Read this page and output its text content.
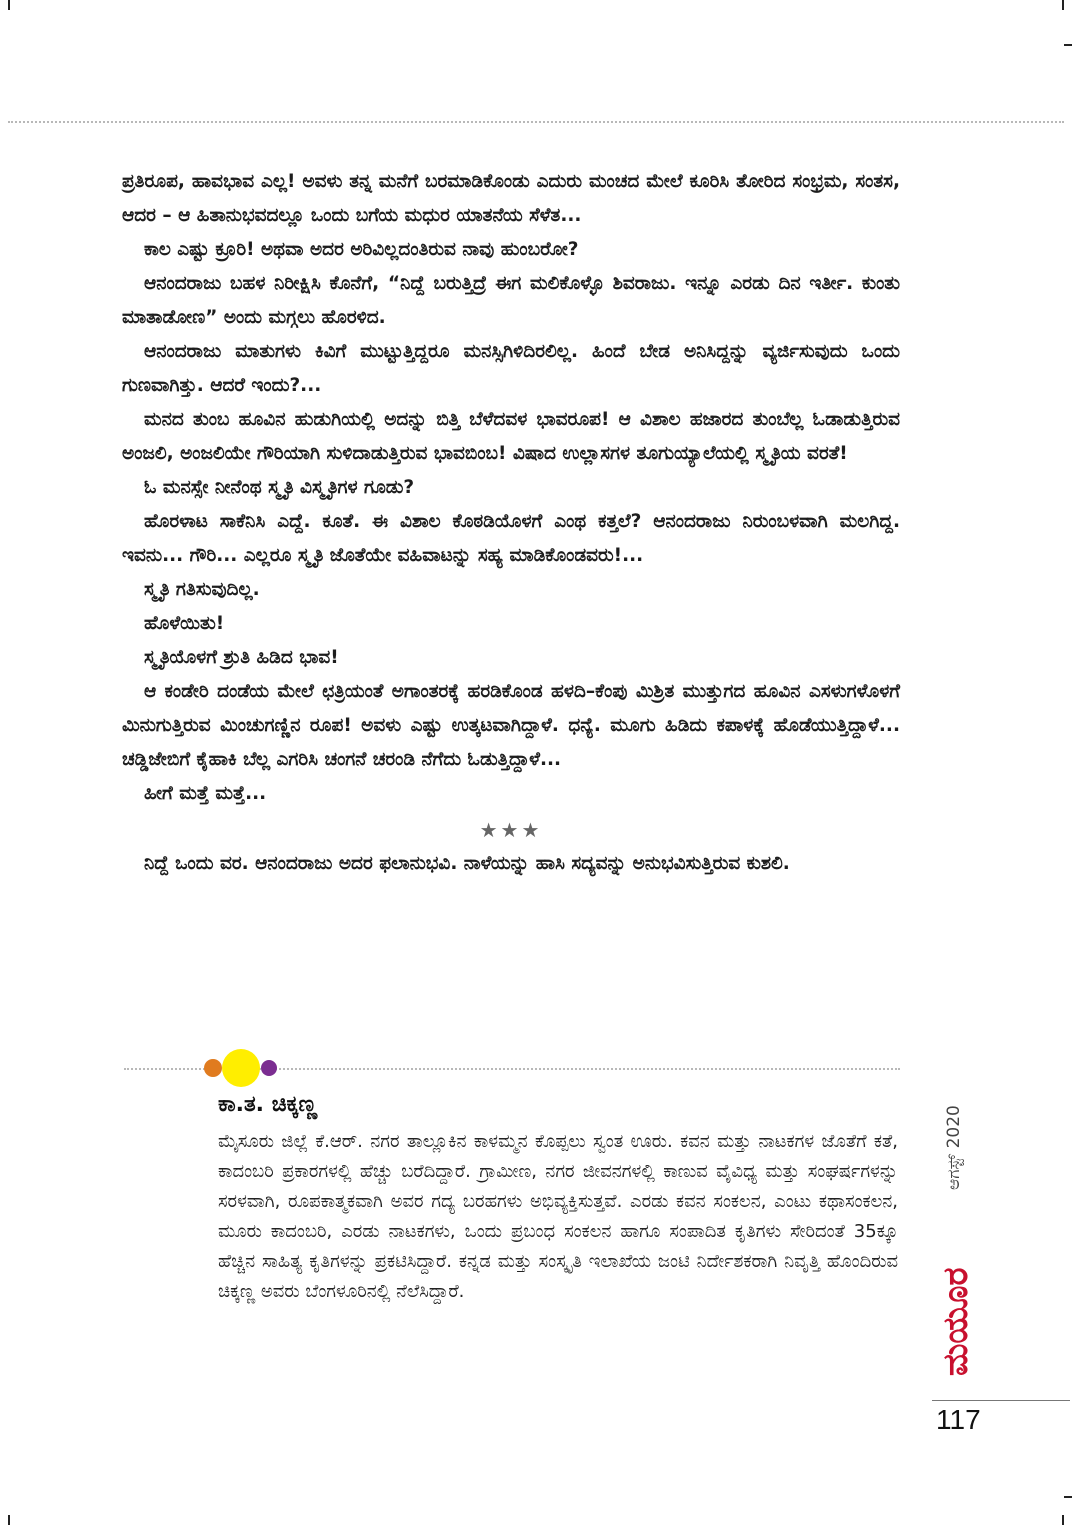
ಪ್ರತಿರೂಪ, ಹಾವಭಾವ ಎಲ್ಲ! ಅವಳು ತನ್ನ ಮನೆಗೆ ಬರಮಾಡಿಕೊಂಡು ಎದುರು ಮಂಚದ ಮೇಲೆ ಕೂರಿಸಿ ತೋರಿದ ಸಂಭ್ರಮ, ಸಂತಸ, ಆದರ – ಆ ಹಿತಾನುಭವದಲ್ಲೂ ಒಂದು ಬಗೆಯ ಮಧುರ ಯಾತನೆಯ ಸೆಳೆತ...

ಕಾಲ ಎಷ್ಟು ಕ್ರೂರಿ! ಅಥವಾ ಅದರ ಅರಿವಿಲ್ಲದಂತಿರುವ ನಾವು ಹುಂಬರೋ?

ಆನಂದರಾಜು ಬಹಳ ನಿರೀಕ್ಷಿಸಿ ಕೊನೆಗೆ, “ನಿದ್ದೆ ಬರುತ್ತಿದ್ರೆ ಈಗ ಮಲಿಕೊಳ್ಳೊ ಶಿವರಾಜು. ಇನ್ನೂ ಎರಡು ದಿನ ಇರ್ತೀ. ಕುಂತು ಮಾತಾಡೋಣ” ಅಂದು ಮಗ್ಗಲು ಹೊರಳಿದ.

ಆನಂದರಾಜು ಮಾತುಗಳು ಕಿವಿಗೆ ಮುಟ್ಟುತ್ತಿದ್ದರೂ ಮನಸ್ಸಿಗಿಳಿದಿರಲಿಲ್ಲ. ಹಿಂದೆ ಬೇಡ ಅನಿಸಿದ್ದನ್ನು ವ್ಯರ್ಜಿಸುವುದು ಒಂದು ಗುಣವಾಗಿತ್ತು. ಆದರೆ ಇಂದು?...

ಮನದ ತುಂಬ ಹೂವಿನ ಹುಡುಗಿಯಲ್ಲಿ ಅದನ್ನು ಬಿತ್ತಿ ಬೆಳೆದವಳ ಭಾವರೂಪ! ಆ ವಿಶಾಲ ಹಜಾರದ ತುಂಬೆಲ್ಲ ಓಡಾಡುತ್ತಿರುವ ಅಂಜಲಿ, ಅಂಜಲಿಯೇ ಗೌರಿಯಾಗಿ ಸುಳಿದಾಡುತ್ತಿರುವ ಭಾವಬಿಂಬ! ವಿಷಾದ ಉಲ್ಲಾಸಗಳ ತೂಗುಯ್ಯಾಲೆಯಲ್ಲಿ ಸ್ಮೃತಿಯ ವರತೆ!

ಓ ಮನಸ್ಸೇ ನೀನೆಂಥ ಸ್ಮೃತಿ ವಿಸ್ಮೃತಿಗಳ ಗೂಡು?

ಹೊರಳಾಟ ಸಾಕೆನಿಸಿ ಎದ್ದೆ. ಕೂತೆ. ಈ ವಿಶಾಲ ಕೊಠಡಿಯೊಳಗೆ ಎಂಥ ಕತ್ತಲೆ? ಆನಂದರಾಜು ನಿರುಂಬಳವಾಗಿ ಮಲಗಿದ್ದ. ಇವನು... ಗೌರಿ... ಎಲ್ಲರೂ ಸ್ಮೃತಿ ಜೊತೆಯೇ ವಹಿವಾಟನ್ನು ಸಹ್ಯ ಮಾಡಿಕೊಂಡವರು!...

ಸ್ಮೃತಿ ಗತಿಸುವುದಿಲ್ಲ.

ಹೊಳೆಯಿತು!

ಸ್ಮೃತಿಯೊಳಗೆ ಶ್ರುತಿ ಹಿಡಿದ ಭಾವ!

ಆ ಕಂಡೇರಿ ದಂಡೆಯ ಮೇಲೆ ಛತ್ರಿಯಂತೆ ಅಗಾಂತರಕ್ಕೆ ಹರಡಿಕೊಂಡ ಹಳದಿ–ಕೆಂಪು ಮಿಶ್ರಿತ ಮುತ್ತುಗದ ಹೂವಿನ ಎಸಳುಗಳೊಳಗೆ ಮಿನುಗುತ್ತಿರುವ ಮಿಂಚುಗಣ್ಣಿನ ರೂಪ! ಅವಳು ಎಷ್ಟು ಉತ್ಕಟವಾಗಿದ್ದಾಳೆ. ಧನ್ಯೆ. ಮೂಗು ಹಿಡಿದು ಕಪಾಳಕ್ಕೆ ಹೊಡೆಯುತ್ತಿದ್ದಾಳೆ... ಚಡ್ಡಿಜೇಬಿಗೆ ಕೈಹಾಕಿ ಬೆಲ್ಲ ಎಗರಿಸಿ ಚಂಗನೆ ಚರಂಡಿ ನೆಗೆದು ಓಡುತ್ತಿದ್ದಾಳೆ...

ಹೀಗೆ ಮತ್ತೆ ಮತ್ತೆ...

★★★

ನಿದ್ದೆ ಒಂದು ವರ. ಆನಂದರಾಜು ಅದರ ಫಲಾನುಭವಿ. ನಾಳೆಯನ್ನು ಹಾಸಿ ಸದ್ಯವನ್ನು ಅನುಭವಿಸುತ್ತಿರುವ ಕುಶಲಿ.

ಕಾ.ತ. ಚಿಕ್ಕಣ್ಣ
ಮೈಸೂರು ಜಿಲ್ಲೆ ಕೆ.ಆರ್. ನಗರ ತಾಲ್ಲೂಕಿನ ಕಾಳಮ್ಮನ ಕೊಪ್ಪಲು ಸ್ವಂತ ಊರು. ಕವನ ಮತ್ತು ನಾಟಕಗಳ ಜೊತೆಗೆ ಕತೆ, ಕಾದಂಬರಿ ಪ್ರಕಾರಗಳಲ್ಲಿ ಹೆಚ್ಚು ಬರೆದಿದ್ದಾರೆ. ಗ್ರಾಮೀಣ, ನಗರ ಜೀವನಗಳಲ್ಲಿ ಕಾಣುವ ವೈವಿಧ್ಯ ಮತ್ತು ಸಂಘರ್ಷಗಳನ್ನು ಸರಳವಾಗಿ, ರೂಪಕಾತ್ಮಕವಾಗಿ ಅವರ ಗದ್ಯ ಬರಹಗಳು ಅಭಿವ್ಯಕ್ತಿಸುತ್ತವೆ. ಎರಡು ಕವನ ಸಂಕಲನ, ಎಂಟು ಕಥಾಸಂಕಲನ, ಮೂರು ಕಾದಂಬರಿ, ಎರಡು ನಾಟಕಗಳು, ಒಂದು ಪ್ರಬಂಧ ಸಂಕಲನ ಹಾಗೂ ಸಂಪಾದಿತ ಕೃತಿಗಳು ಸೇರಿದಂತೆ 35ಕ್ಕೂ ಹೆಚ್ಚಿನ ಸಾಹಿತ್ಯ ಕೃತಿಗಳನ್ನು ಪ್ರಕಟಿಸಿದ್ದಾರೆ. ಕನ್ನಡ ಮತ್ತು ಸಂಸ್ಕೃತಿ ಇಲಾಖೆಯ ಜಂಟಿ ನಿರ್ದೇಶಕರಾಗಿ ನಿವೃತ್ತಿ ಹೊಂದಿರುವ ಚಿಕ್ಕಣ್ಣ ಅವರು ಬೆಂಗಳೂರಿನಲ್ಲಿ ನೆಲೆಸಿದ್ದಾರೆ.
ಆಗಸ್ಟ್ 2020
ಮಯೂರ
117
